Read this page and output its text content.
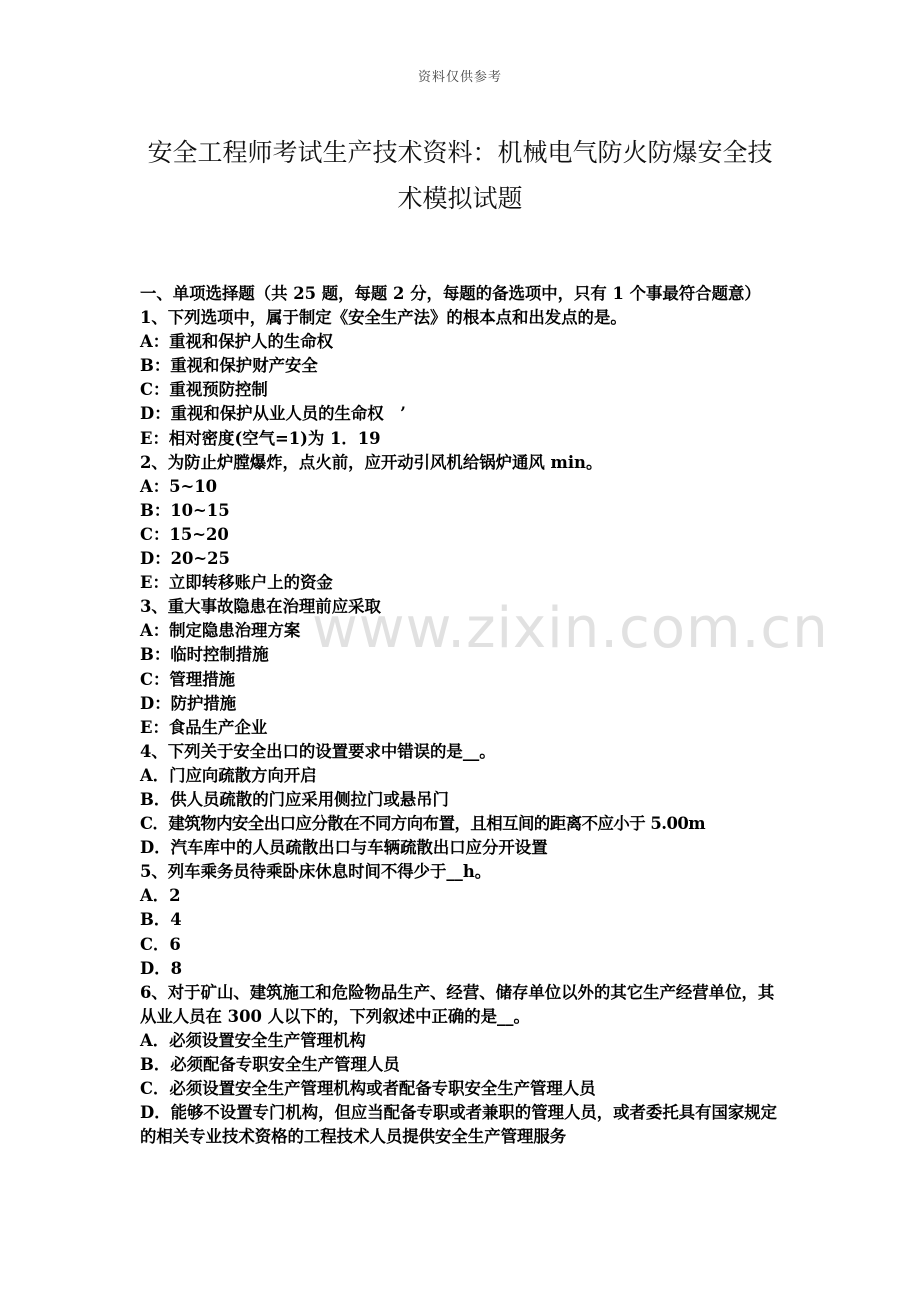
资料仅供参考
安全工程师考试生产技术资料：机械电气防火防爆安全技
术模拟试题
一、单项选择题（共 25 题，每题 2 分，每题的备选项中，只有 1 个事最符合题意）
1、下列选项中，属于制定《安全生产法》的根本点和出发点的是。
A：重视和保护人的生命权
B：重视和保护财产安全
C：重视预防控制
D：重视和保护从业人员的生命权　’
E：相对密度(空气=1)为 1．19
2、为防止炉膛爆炸，点火前，应开动引风机给锅炉通风 min。
A：5~10
B：10~15
C：15~20
D：20~25
E：立即转移账户上的资金
3、重大事故隐患在治理前应采取
A：制定隐患治理方案
B：临时控制措施
C：管理措施
D：防护措施
E：食品生产企业
4、下列关于安全出口的设置要求中错误的是__。
A．门应向疏散方向开启
B．供人员疏散的门应采用侧拉门或悬吊门
C．建筑物内安全出口应分散在不同方向布置，且相互间的距离不应小于 5.00m
D．汽车库中的人员疏散出口与车辆疏散出口应分开设置
5、列车乘务员待乘卧床休息时间不得少于__h。
A．2
B．4
C．6
D．8
6、对于矿山、建筑施工和危险物品生产、经营、储存单位以外的其它生产经营单位，其从业人员在 300 人以下的，下列叙述中正确的是__。
A．必须设置安全生产管理机构
B．必须配备专职安全生产管理人员
C．必须设置安全生产管理机构或者配备专职安全生产管理人员
D．能够不设置专门机构，但应当配备专职或者兼职的管理人员，或者委托具有国家规定的相关专业技术资格的工程技术人员提供安全生产管理服务
www.zixin.com.cn
